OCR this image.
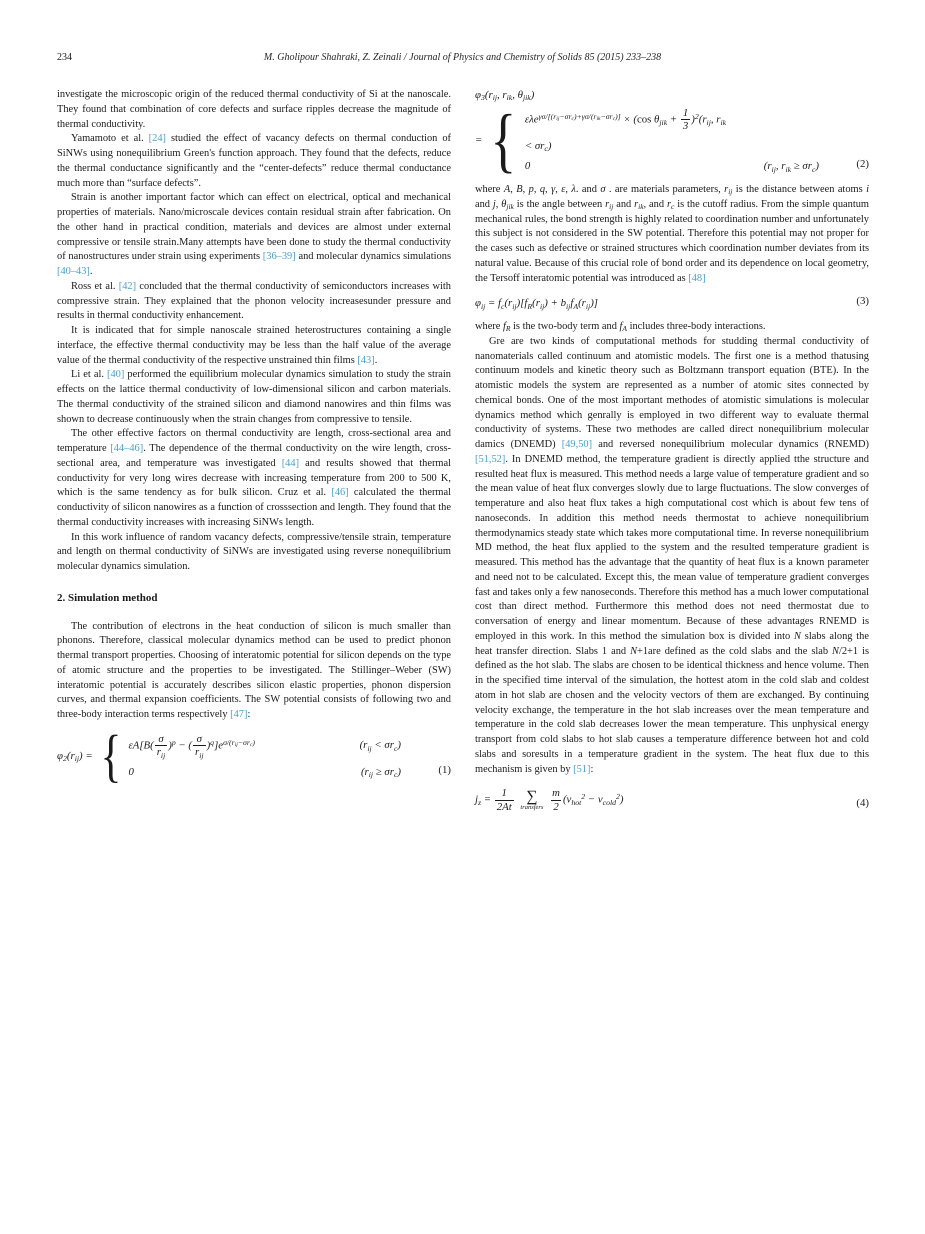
234	M. Gholipour Shahraki, Z. Zeinali / Journal of Physics and Chemistry of Solids 85 (2015) 233–238

investigate the microscopic origin of the reduced thermal conductivity of Si at the nanoscale. They found that combination of core defects and surface ripples decrease the magnitude of thermal conductivity.

Yamamoto et al. [24] studied the effect of vacancy defects on thermal conduction of SiNWs using nonequilibrium Green's function approach. They found that the defects, reduce the thermal conductance significantly and the “center-defects” reduce thermal conductance much more than “surface defects”.

Strain is another important factor which can effect on electrical, optical and mechanical properties of materials. Nano/microscale devices contain residual strain after fabrication. On the other hand in practical condition, materials and devices are almost under external compressive or tensile strain.Many attempts have been done to study the thermal conductivity of nanostructures under strain using experiments [36–39] and molecular dynamics simulations [40–43].

Ross et al. [42] concluded that the thermal conductivity of semiconductors increases with compressive strain. They explained that the phonon velocity increasesunder pressure and results in thermal conductivity enhancement.

It is indicated that for simple nanoscale strained heterostructures containing a single interface, the effective thermal conductivity may be less than the half value of the average value of the thermal conductivity of the respective unstrained thin films [43].

Li et al. [40] performed the equilibrium molecular dynamics simulation to study the strain effects on the lattice thermal conductivity of low-dimensional silicon and carbon materials. The thermal conductivity of the strained silicon and diamond nanowires and thin films was shown to decrease continuously when the strain changes from compressive to tensile.

The other effective factors on thermal conductivity are length, cross-sectional area and temperature [44–46]. The dependence of the thermal conductivity on the wire length, cross-sectional area, and temperature was investigated [44] and results showed that thermal conductivity for very long wires decrease with increasing temperature from 200 to 500 K, which is the same tendency as for bulk silicon. Cruz et al. [46] calculated the thermal conductivity of silicon nanowires as a function of crosssection and length. They found that the thermal conductivity increases with increasing SiNWs length.

In this work influence of random vacancy defects, compressive/tensile strain, temperature and length on thermal conductivity of SiNWs are investigated using reverse nonequilibrium molecular dynamics simulation.

2. Simulation method

The contribution of electrons in the heat conduction of silicon is much smaller than phonons. Therefore, classical molecular dynamics method can be used to predict phonon thermal transport properties. Choosing of interatomic potential for silicon depends on the type of atomic structure and the properties to be investigated. The Stillinger–Weber (SW) interatomic potential is accurately describes silicon elastic properties, phonon dispersion curves, and thermal expansion coefficients. The SW potential consists of following two and three-body interaction terms respectively [47]:

$\varphi_2(r_{ij})$ = { εA[B(
σ
$r_{ij}$
)$^p$ − (
σ
$r_{ij}$
)$^q]e^{\sigma/(r_{ij}-\sigma r_c)}$	$(r_{ij} < \sigma r_c)$
0	$(r_{ij} \ge \sigma r_c)$	(1)
$\varphi_3(r_{ij}$, $r_{ik}$, $\theta_{jik}$)
= { ελe$^{\gamma\sigma/[(r_{ij}-\sigma r_c)+\gamma\sigma/(r_{ik}-\sigma r_c)]}$ × (cos $\theta_{jik} + \frac{1}{3} )^2(r_{ij}$, $r_{ik}$
< $\sigma r_c$)
0	($r_{ij}$, $r_{ik} \ge \sigma r_c$)	(2)

where A, B, p, q, γ, ε, λ. and σ . are materials parameters, $r_{ij}$ is the distance between atoms i and j, $\theta_{jik}$ is the angle between $r_{ij}$ and $r_{ik}$, and $r_c$ is the cutoff radius. From the simple quantum mechanical rules, the bond strength is highly related to coordination number and unfortunately this subject is not considered in the SW potential. Therefore this potential may not proper for the cases such as defective or strained structures which coordination number deviates from its natural value. Because of this crucial role of bond order and its dependence on local geometry, the Tersoff interatomic potential was introduced as [48]

$\varphi_{ij} = f_c(r_{ij})[f_R(r_{ij}) + b_{ij}f_A(r_{ij})]$	(3)

where $f_R$ is the two-body term and $f_A$ includes three-body interactions.

Gre are two kinds of computational methods for studding thermal conductivity of nanomaterials called continuum and atomistic models. The first one is a method thatusing continuum models and kinetic theory such as Boltzmann transport equation (BTE). In the atomistic models the system are represented as a number of atomic sites connected by chemical bonds. One of the most important methodes of atomistic simulations is molecular dynamics method which genrally is employed in two different way to evaluate thermal conductivity of systems. These two methodes are called direct nonequilibrium molecular damics (DNEMD) [49,50] and reversed nonequilibrium molecular dynamics (RNEMD) [51,52]. In DNEMD method, the temperature gradient is directly applied tthe structure and resulted heat flux is measured. This method needs a large value of temperature gradient and so the mean value of heat flux converges slowly due to large fluctuations. The slow converges of temperature and also heat flux takes a high computational cost which is about few tens of nanoseconds. In addition this method needs thermostat to achieve nonequilibrium thermodynamics steady state which takes more computational time. In reverse nonequilibrium MD method, the heat flux applied to the system and the resulted temperature gradient is measured. This method has the advantage that the quantity of heat flux is a known parameter and need not to be calculated. Except this, the mean value of temperature gradient converges fast and takes only a few nanoseconds. Therefore this method has a much lower computational cost than direct method. Furthermore this method does not need thermostat due to conversation of energy and linear momentum. Because of these advantages RNEMD is employed in this work. In this method the simulation box is divided into N slabs along the heat transfer direction. Slabs 1 and N+1are defined as the cold slabs and the slab N/2+1 is defined as the hot slab. The slabs are chosen to be identical thickness and hence volume. Then in the specified time interval of the simulation, the hottest atom in the cold slab and coldest atom in hot slab are chosen and the velocity vectors of them are exchanged. By continuing velocity exchange, the temperature in the hot slab increases over the mean temperature and temperature in the cold slab decreases lower the mean temperature. This unphysical energy transport from cold slabs to hot slab causes a temperature difference between hot and cold slabs and soresults in a temperature gradient in the system. The heat flux due to this mechanism is given by [51]:

$j_z = \frac{1}{2At}$
∑
transfers
$\frac{m}{2} (v_{hot}^2 - v_{cold}^2)$	(4)
